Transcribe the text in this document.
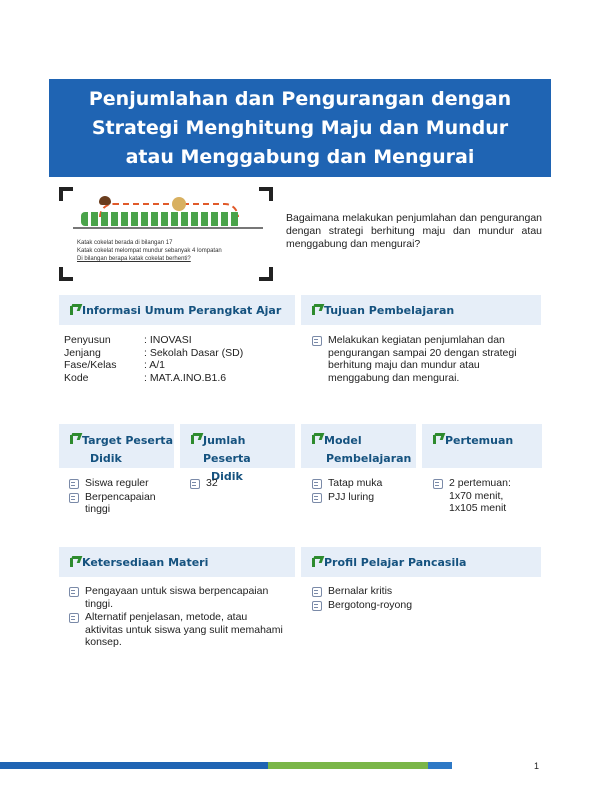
Penjumlahan dan Pengurangan dengan
Strategi Menghitung Maju dan Mundur
atau Menggabung dan Mengurai
Katak cokelat berada di bilangan 17
Katak cokelat melompat mundur sebanyak 4 lompatan
Di bilangan berapa katak cokelat berhenti?
Bagaimana melakukan penjumlahan dan pengurangan dengan strategi berhitung maju dan mundur atau menggabung dan mengurai?
Informasi Umum Perangkat Ajar
Penyusun	: INOVASI
Jenjang	: Sekolah Dasar (SD)
Fase/Kelas	: A/1
Kode	: MAT.A.INO.B1.6
Tujuan Pembelajaran
Melakukan kegiatan penjumlahan dan pengurangan sampai 20 dengan strategi berhitung maju dan mundur atau menggabung dan mengurai.
Target Peserta
Didik
Siswa reguler
Berpencapaian tinggi
Jumlah Peserta
Didik
32
Model
Pembelajaran
Tatap muka
PJJ luring
Pertemuan
2 pertemuan: 1x70 menit, 1x105 menit
Ketersediaan Materi
Pengayaan untuk siswa berpencapaian tinggi.
Alternatif penjelasan, metode, atau aktivitas untuk siswa yang sulit memahami konsep.
Profil Pelajar Pancasila
Bernalar kritis
Bergotong-royong
1
